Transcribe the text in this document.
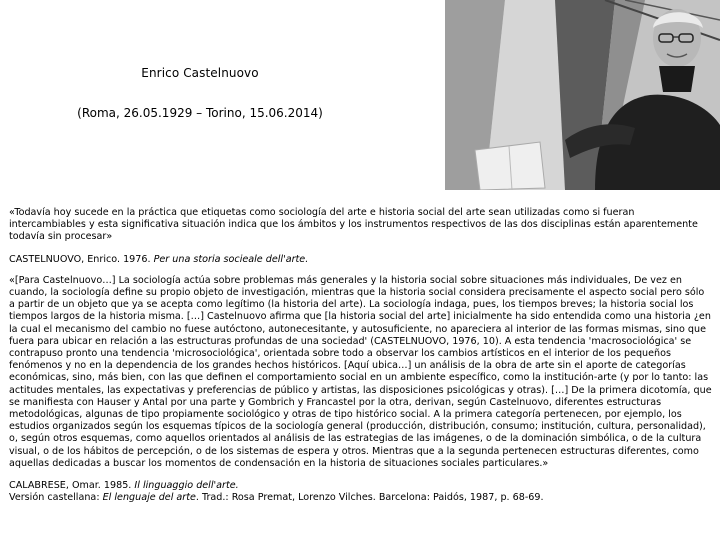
Enrico Castelnuovo
(Roma, 26.05.1929 – Torino, 15.06.2014)

«Todavía hoy sucede en la práctica que etiquetas como sociología del arte e historia social del arte sean utilizadas como si fueran intercambiables y esta significativa situación indica que los ámbitos y los instrumentos respectivos de las dos disciplinas están aparentemente todavía sin procesar»

CASTELNUOVO, Enrico. 1976. Per una storia socieale dell'arte.

«[Para Castelnuovo…] La sociología actúa sobre problemas más generales y la historia social sobre situaciones más individuales, De vez en cuando, la sociología define su propio objeto de investigación, mientras que la historia social considera precisamente el aspecto social pero sólo a partir de un objeto que ya se acepta como legítimo (la historia del arte). La sociología indaga, pues, los tiempos breves; la historia social los tiempos largos de la historia misma. […] Castelnuovo afirma que [la historia social del arte] inicialmente ha sido entendida como una historia ¿en la cual el mecanismo del cambio no fuese autóctono, autonecesitante, y autosuficiente, no apareciera al interior de las formas mismas, sino que fuera para ubicar en relación a las estructuras profundas de una sociedad' (CASTELNUOVO, 1976, 10). A esta tendencia 'macrosociológica' se contrapuso pronto una tendencia 'microsociológica', orientada sobre todo a observar los cambios artísticos en el interior de los pequeños fenómenos y no en la dependencia de los grandes hechos históricos. [Aquí ubica…] un análisis de la obra de arte sin el aporte de categorías económicas, sino, más bien, con las que definen el comportamiento social en un ambiente específico, como la institución-arte (y por lo tanto: las actitudes mentales, las expectativas y preferencias de público y artistas, las disposiciones psicológicas y otras). […] De la primera dicotomía, que se manifiesta con Hauser y Antal por una parte y Gombrich y Francastel por la otra, derivan, según Castelnuovo, diferentes estructuras metodológicas, algunas de tipo propiamente sociológico y otras de tipo histórico social. A la primera categoría pertenecen, por ejemplo, los estudios organizados según los esquemas típicos de la sociología general (producción, distribución, consumo; institución, cultura, personalidad), o, según otros esquemas, como aquellos orientados al análisis de las estrategias de las imágenes, o de la dominación simbólica, o de la cultura visual, o de los hábitos de percepción, o de los sistemas de espera y otros. Mientras que a la segunda pertenecen estructuras diferentes, como aquellas dedicadas a buscar los momentos de condensación en la historia de situaciones sociales particulares.»

CALABRESE, Omar. 1985. Il linguaggio dell'arte.

Versión castellana: El lenguaje del arte. Trad.: Rosa Premat, Lorenzo Vilches. Barcelona: Paidós, 1987, p. 68-69.
